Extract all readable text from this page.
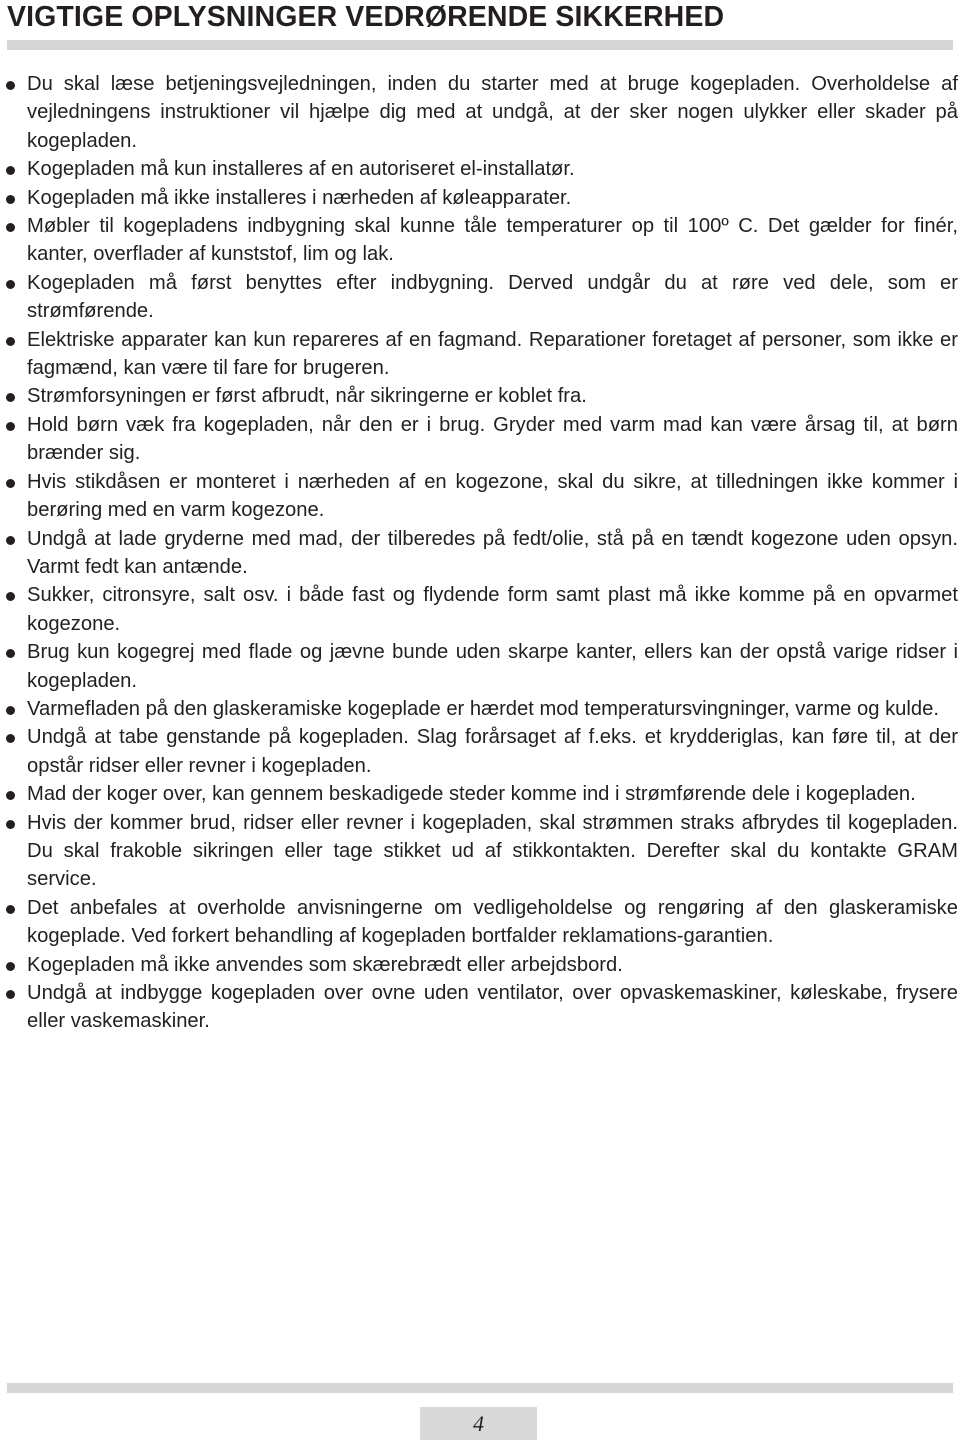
VIGTIGE OPLYSNINGER VEDRØRENDE SIKKERHED
Du skal læse betjeningsvejledningen, inden du starter med at bruge kogepladen. Overholdelse af vejledningens instruktioner vil hjælpe dig med at undgå, at der sker nogen ulykker eller skader på kogepladen.
Kogepladen må kun installeres af en autoriseret el-installatør.
Kogepladen må ikke installeres i nærheden af køleapparater.
Møbler til kogepladens indbygning skal kunne tåle temperaturer op til 100º C. Det gælder for finér, kanter, overflader af kunststof, lim og lak.
Kogepladen må først benyttes efter indbygning. Derved undgår du at røre ved dele, som er strømførende.
Elektriske apparater kan kun repareres af en fagmand. Reparationer foretaget af personer, som ikke er fagmænd, kan være til fare for brugeren.
Strømforsyningen er først afbrudt, når sikringerne er koblet fra.
Hold børn væk fra kogepladen, når den er i brug. Gryder med varm mad kan være årsag til, at børn brænder sig.
Hvis stikdåsen er monteret i nærheden af en kogezone, skal du sikre, at tilledningen ikke kommer i berøring med en varm kogezone.
Undgå at lade gryderne med mad, der tilberedes på fedt/olie, stå på en tændt kogezone uden opsyn. Varmt fedt kan antænde.
Sukker, citronsyre, salt osv. i både fast og flydende form samt plast må ikke komme på en opvarmet kogezone.
Brug kun kogegrej med flade og jævne bunde uden skarpe kanter, ellers kan der opstå varige ridser i kogepladen.
Varmefladen på den glaskeramiske kogeplade er hærdet mod temperatursvingninger, varme og kulde.
Undgå at tabe genstande på kogepladen. Slag forårsaget af f.eks. et krydderiglas, kan føre til, at der opstår ridser eller revner i kogepladen.
Mad der koger over, kan gennem beskadigede steder komme ind i strømførende dele i kogepladen.
Hvis der kommer brud, ridser eller revner i kogepladen, skal strømmen straks afbrydes til kogepladen. Du skal frakoble sikringen eller tage stikket ud af stikkontakten. Derefter skal du kontakte GRAM service.
Det anbefales at overholde anvisningerne om vedligeholdelse og rengøring af den glaskeramiske kogeplade. Ved forkert behandling af kogepladen bortfalder reklamations-garantien.
Kogepladen må ikke anvendes som skærebrædt eller arbejdsbord.
Undgå at indbygge kogepladen over ovne uden ventilator, over opvaskemaskiner, køleskabe, frysere eller vaskemaskiner.
4
